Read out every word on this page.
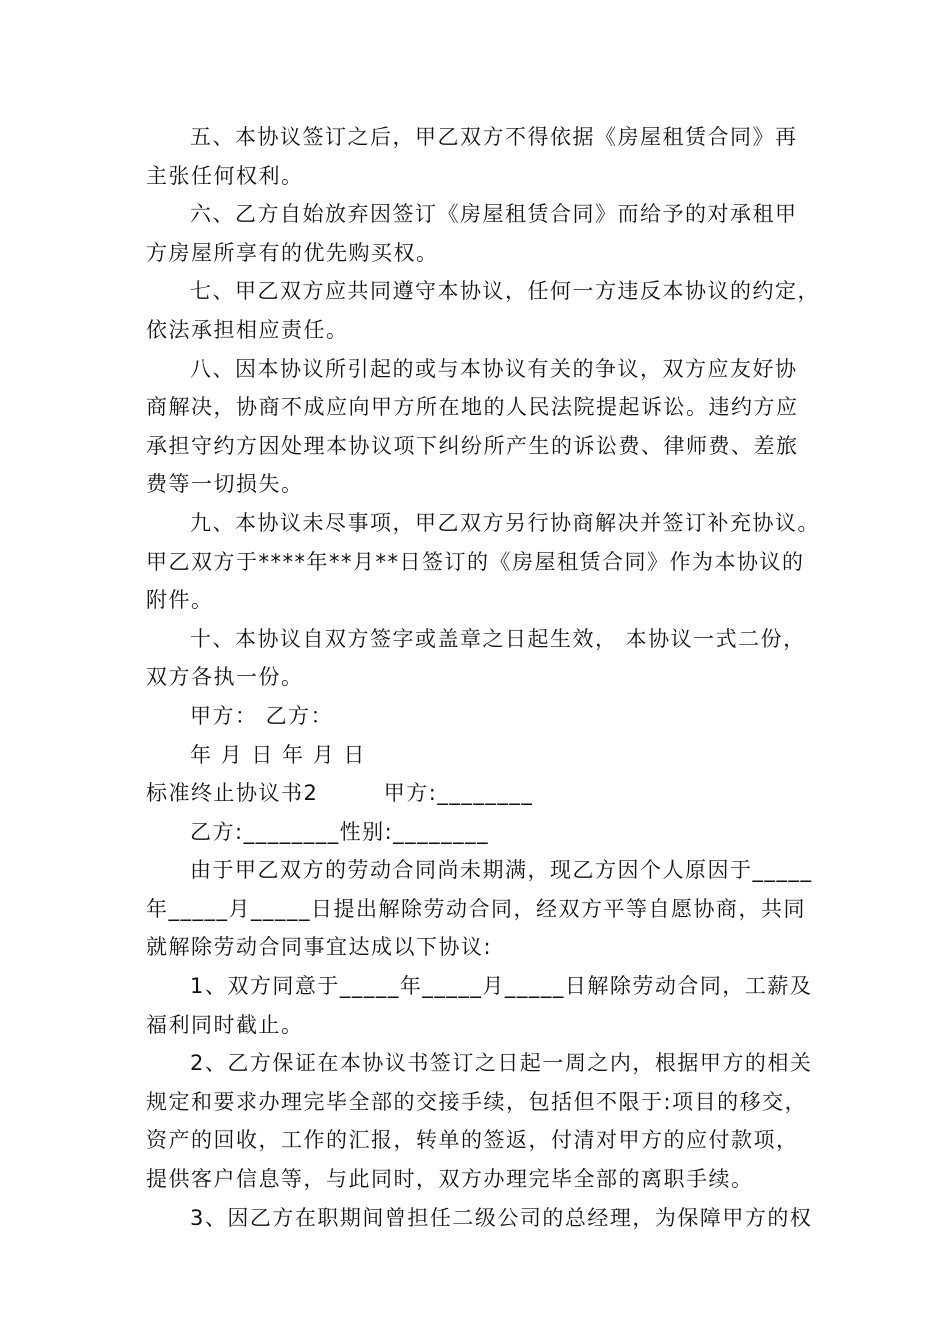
五、本协议签订之后，甲乙双方不得依据《房屋租赁合同》再
主张任何权利。
六、乙方自始放弃因签订《房屋租赁合同》而给予的对承租甲
方房屋所享有的优先购买权。
七、甲乙双方应共同遵守本协议，任何一方违反本协议的约定，
依法承担相应责任。
八、因本协议所引起的或与本协议有关的争议，双方应友好协
商解决，协商不成应向甲方所在地的人民法院提起诉讼。违约方应
承担守约方因处理本协议项下纠纷所产生的诉讼费、律师费、差旅
费等一切损失。
九、本协议未尽事项，甲乙双方另行协商解决并签订补充协议。
甲乙双方于****年**月**日签订的《房屋租赁合同》作为本协议的
附件。
十、本协议自双方签字或盖章之日起生效， 本协议一式二份，
双方各执一份。
甲方： 乙方：
年 月 日 年 月 日
标准终止协议书2        甲方:________
乙方:________性别:________
由于甲乙双方的劳动合同尚未期满，现乙方因个人原因于_____
年_____月_____日提出解除劳动合同，经双方平等自愿协商，共同
就解除劳动合同事宜达成以下协议:
1、双方同意于_____年_____月_____日解除劳动合同，工薪及
福利同时截止。
2、乙方保证在本协议书签订之日起一周之内，根据甲方的相关
规定和要求办理完毕全部的交接手续，包括但不限于:项目的移交，
资产的回收，工作的汇报，转单的签返，付清对甲方的应付款项，
提供客户信息等，与此同时，双方办理完毕全部的离职手续。
3、因乙方在职期间曾担任二级公司的总经理，为保障甲方的权
